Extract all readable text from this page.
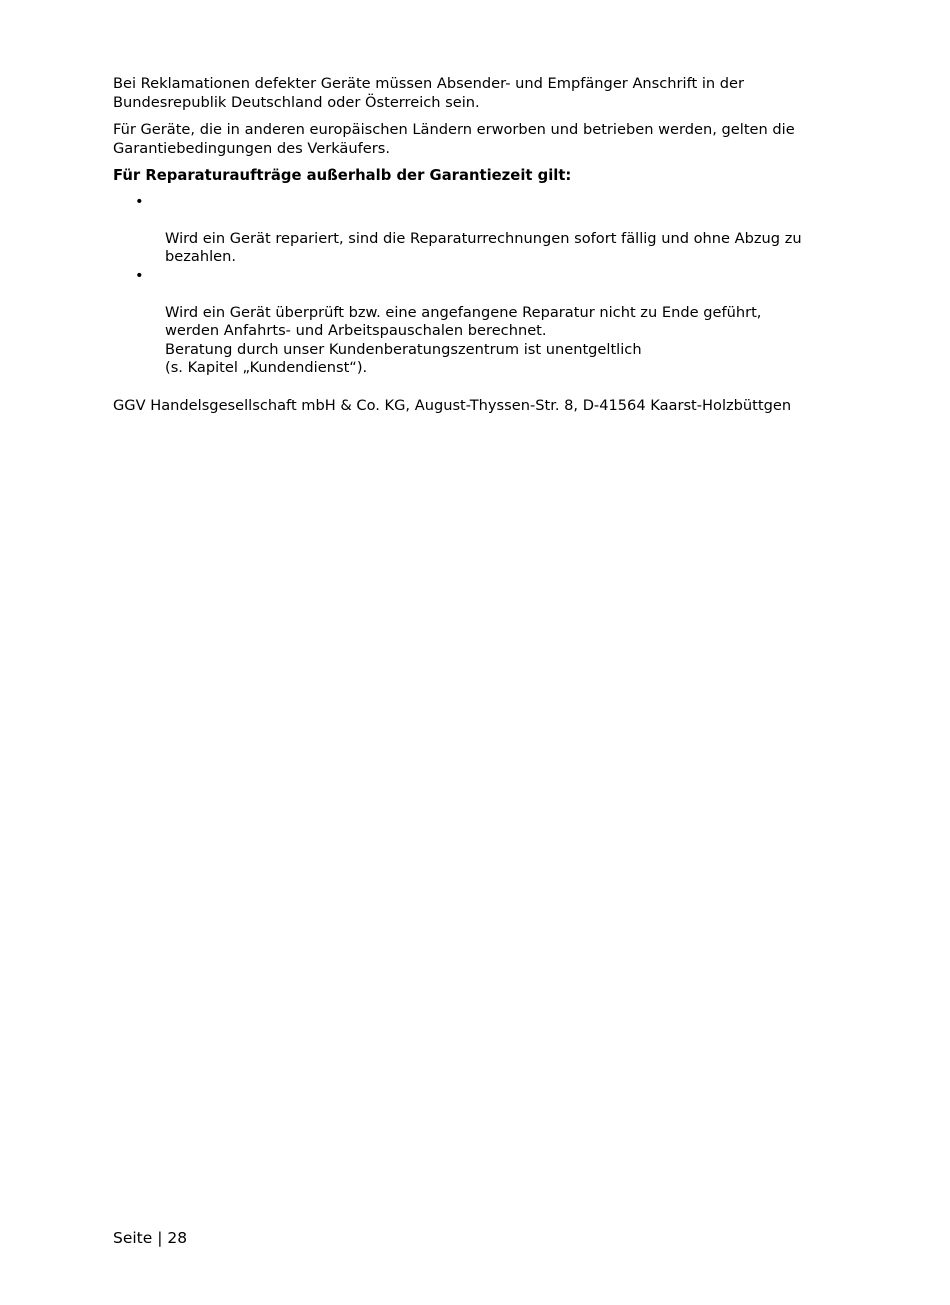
Bei Reklamationen defekter Geräte müssen Absender- und Empfänger Anschrift in der
Bundesrepublik Deutschland oder Österreich sein.

Für Geräte, die in anderen europäischen Ländern erworben und betrieben werden, gelten die
Garantiebedingungen des Verkäufers.

Für Reparaturaufträge außerhalb der Garantiezeit gilt:

•

Wird ein Gerät repariert, sind die Reparaturrechnungen sofort fällig und ohne Abzug zu
bezahlen.

•

Wird ein Gerät überprüft bzw. eine angefangene Reparatur nicht zu Ende geführt,
werden Anfahrts- und Arbeitspauschalen berechnet.
Beratung durch unser Kundenberatungszentrum ist unentgeltlich
(s. Kapitel „Kundendienst“).

GGV Handelsgesellschaft mbH & Co. KG, August-Thyssen-Str. 8, D-41564 Kaarst-Holzbüttgen

Seite | 28
